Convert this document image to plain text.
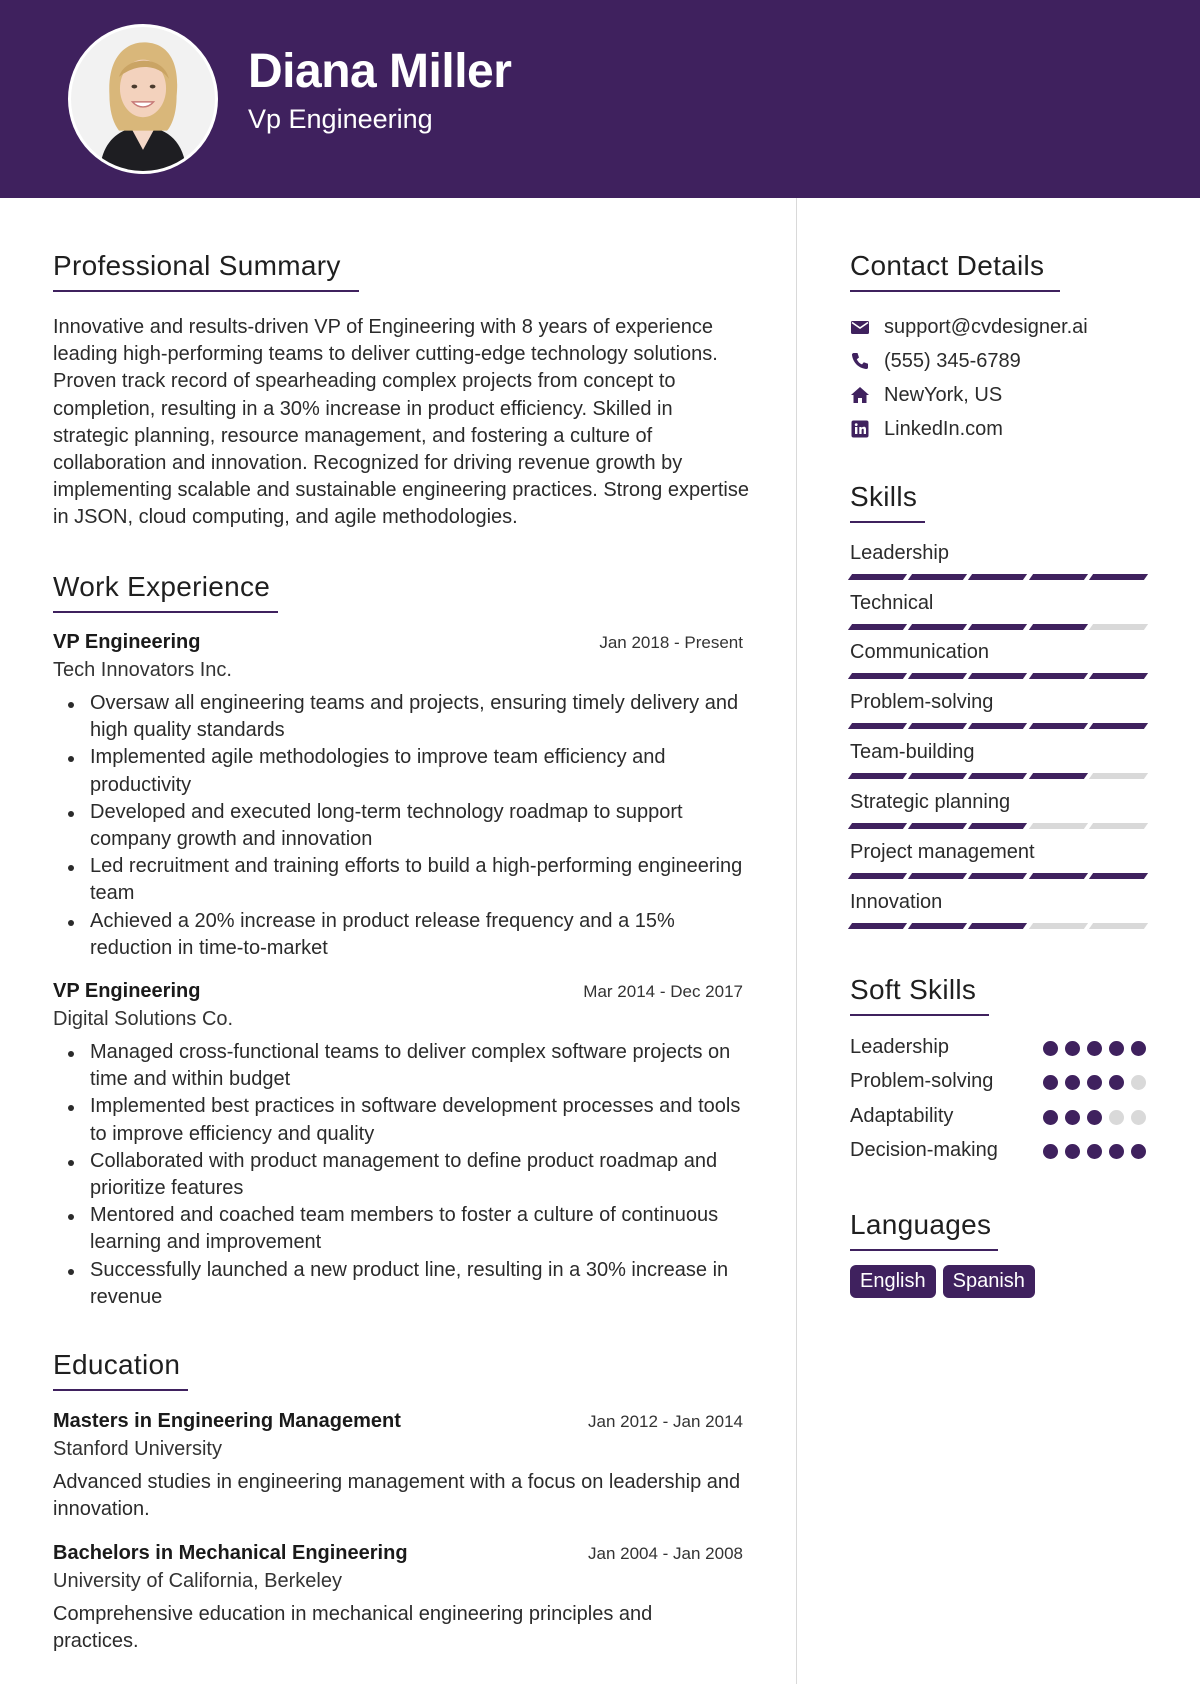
Diana Miller
Vp Engineering
Professional Summary
Innovative and results-driven VP of Engineering with 8 years of experience leading high-performing teams to deliver cutting-edge technology solutions. Proven track record of spearheading complex projects from concept to completion, resulting in a 30% increase in product efficiency. Skilled in strategic planning, resource management, and fostering a culture of collaboration and innovation. Recognized for driving revenue growth by implementing scalable and sustainable engineering practices. Strong expertise in JSON, cloud computing, and agile methodologies.
Work Experience
VP Engineering	Jan 2018 - Present
Tech Innovators Inc.
Oversaw all engineering teams and projects, ensuring timely delivery and high quality standards
Implemented agile methodologies to improve team efficiency and productivity
Developed and executed long-term technology roadmap to support company growth and innovation
Led recruitment and training efforts to build a high-performing engineering team
Achieved a 20% increase in product release frequency and a 15% reduction in time-to-market
VP Engineering	Mar 2014 - Dec 2017
Digital Solutions Co.
Managed cross-functional teams to deliver complex software projects on time and within budget
Implemented best practices in software development processes and tools to improve efficiency and quality
Collaborated with product management to define product roadmap and prioritize features
Mentored and coached team members to foster a culture of continuous learning and improvement
Successfully launched a new product line, resulting in a 30% increase in revenue
Education
Masters in Engineering Management	Jan 2012 - Jan 2014
Stanford University
Advanced studies in engineering management with a focus on leadership and innovation.
Bachelors in Mechanical Engineering	Jan 2004 - Jan 2008
University of California, Berkeley
Comprehensive education in mechanical engineering principles and practices.
Contact Details
support@cvdesigner.ai
(555) 345-6789
NewYork, US
LinkedIn.com
Skills
Leadership
Technical
Communication
Problem-solving
Team-building
Strategic planning
Project management
Innovation
Soft Skills
Leadership
Problem-solving
Adaptability
Decision-making
Languages
English	Spanish
